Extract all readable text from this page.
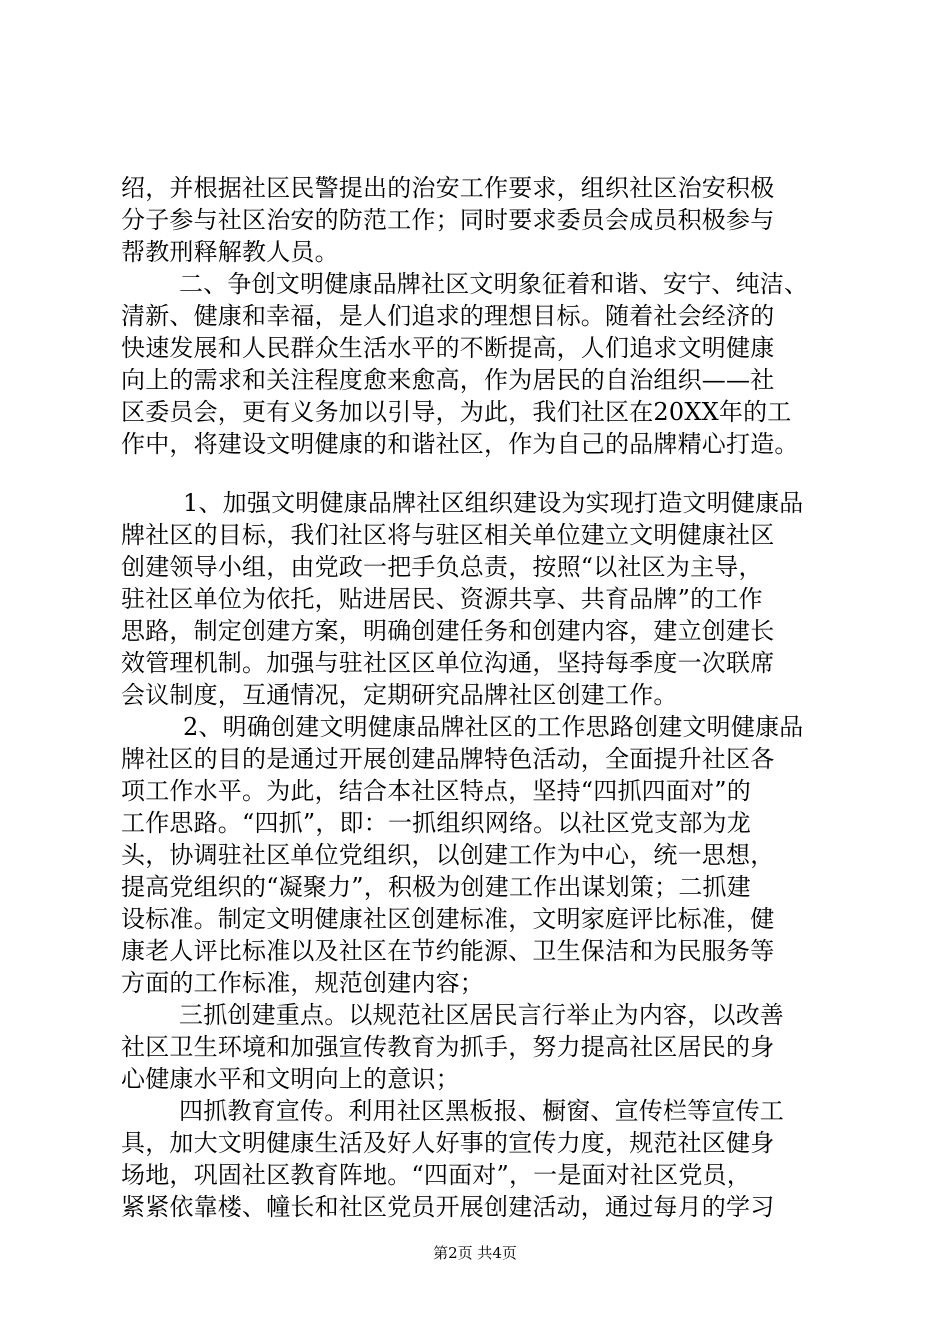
绍，并根据社区民警提出的治安工作要求，组织社区治安积极
分子参与社区治安的防范工作；同时要求委员会成员积极参与
帮教刑释解教人员。
二、争创文明健康品牌社区文明象征着和谐、安宁、纯洁、
清新、健康和幸福，是人们追求的理想目标。随着社会经济的
快速发展和人民群众生活水平的不断提高，人们追求文明健康
向上的需求和关注程度愈来愈高，作为居民的自治组织——社
区委员会，更有义务加以引导，为此，我们社区在20XX年的工
作中，将建设文明健康的和谐社区，作为自己的品牌精心打造。
1、加强文明健康品牌社区组织建设为实现打造文明健康品
牌社区的目标，我们社区将与驻区相关单位建立文明健康社区
创建领导小组，由党政一把手负总责，按照“以社区为主导，
驻社区单位为依托，贴进居民、资源共享、共育品牌”的工作
思路，制定创建方案，明确创建任务和创建内容，建立创建长
效管理机制。加强与驻社区区单位沟通，坚持每季度一次联席
会议制度，互通情况，定期研究品牌社区创建工作。
2、明确创建文明健康品牌社区的工作思路创建文明健康品
牌社区的目的是通过开展创建品牌特色活动，全面提升社区各
项工作水平。为此，结合本社区特点，坚持“四抓四面对”的
工作思路。“四抓”，即：一抓组织网络。以社区党支部为龙
头，协调驻社区单位党组织，以创建工作为中心，统一思想，
提高党组织的“凝聚力”，积极为创建工作出谋划策；二抓建
设标准。制定文明健康社区创建标准，文明家庭评比标准，健
康老人评比标准以及社区在节约能源、卫生保洁和为民服务等
方面的工作标准，规范创建内容；
三抓创建重点。以规范社区居民言行举止为内容，以改善
社区卫生环境和加强宣传教育为抓手，努力提高社区居民的身
心健康水平和文明向上的意识；
四抓教育宣传。利用社区黑板报、橱窗、宣传栏等宣传工
具，加大文明健康生活及好人好事的宣传力度，规范社区健身
场地，巩固社区教育阵地。“四面对”，一是面对社区党员，
紧紧依靠楼、幢长和社区党员开展创建活动，通过每月的学习
第2页 共4页
